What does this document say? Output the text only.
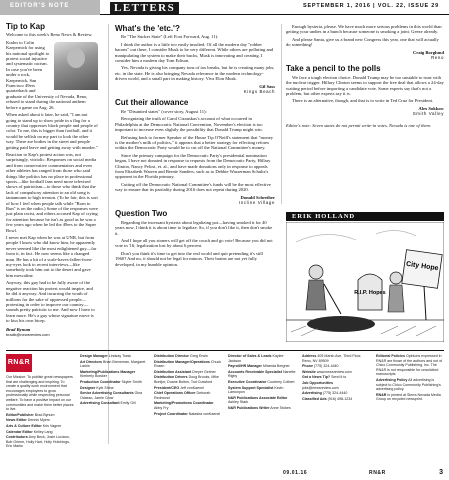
EDITOR'S NOTE	LETTERS	SEPTEMBER 1, 2016 | VOL. 22, ISSUE 29
Tip to Kap

Welcome to this week's Reno News & Review.

Kudos to Colin Kaepernick for using his national spotlight to protest social injustice and systematic racism. In case you've been under a rock, Kaepernick, San Francisco 49ers quarterback and graduate of the University of Nevada, Reno, refused to stand during the national anthem before a game on Aug. 26.

When asked about it later, he said, "I am not going to stand up to show pride in a flag for a country that oppresses black people and people of color. To me, this is bigger than football, and it would be selfish on my part to look the other way. There are bodies in the street and people getting paid leave and getting away with murder."

Reaction to Kap's protest action was, not surprisingly, vitriolic. Responses on social media and from conservative commentators and even other athletes has ranged from those who said things like politics has no place in professional sports—like football fans need more televised shows of patriotism—to those who think that the lack of compulsory attention to an old song is tantamount to high treason. (To be fair, this is sort of how I feel when people talk while "Born to Run" is on the radio.) Some of the responses were just plain racist, and others accused Kap of crying for attention because he isn't as good as he was a few years ago when he led the 49ers to the Super Bowl.

I never met Kap when he was at UNR, but from people I know who did know him, he apparently never seemed like the most enlightened guy—far from it, in fact. He now seems like a changed man. He has a bit of a scale-haves-fallen-from-my-eyes look to recent interviews—like somebody took him out to the desert and gave him mescaline.

Anyway, this guy had to be fully aware of the negative reaction his protest would inspire, and he did it anyway. And incurring the wrath of millions for the sake of oppressed people—protesting in order to improve our country—sounds pretty patriotic to me. And now I have to learn more. He's a guy whose signature move is to kiss his own bicep.

Brad Bynum
bradb@newsreview.com
What's the 'etc.'?

Re "The Sucker State" (Left Foot Forward, Aug. 11):

I think the author is a little too easily insulted. Of all the modern day "robber barons" out there, I consider Musk to be very different. While others are polluting and manipulating the system to make their bucks, Musk is innovating and creating. I consider him a modern day Tom Edison.

Yes, Nevada is giving his company tons of tax breaks, but he is creating many jobs, etc. in the state. He is also bringing Nevada relevance in the modern technology-driven world, and a small part in making history. Viva Elon Musk.

Gil Sass
Kings Beach
Cut their allowance

Re "Disunited states" (cover story, August 11):

Recognizing the truth of Carol Cizauskas's account of what occurred in Philadelphia at the Democratic National Convention, November's election is too important to increase even slightly the possibility that Donald Trump might win.

Refusing back to former Speaker of the House Tip O'Neill's statement that "money is the mother's milk of politics," it appears that a better strategy for effecting reform within the Democratic Party would be to cut off the National Committee's money.

Since the primary campaign for the Democratic Party's presidential nomination began, I have not donated in response to requests from the Democratic Party, Hillary Clinton, Nancy Pelosi, et. al., and have made donations only in response to appeals from Elizabeth Warren and Bernie Sanders, such as to Debbie Wasserman Schultz's opponent in the Florida primary.

Cutting off the Democratic National Committee's funds will be the most effective way to ensure that its partiality during 2016 does not repeat during 2020.

Donald Schreiber
Incline Village
Question Two

Regarding the incessant hysteria about legalizing pot—having smoked it for 40 years now, I think it is about time to legalize. So, if you don't like it, then don't smoke it.

And I hope all you stoners will get off the couch and go vote! Because you did not vote in '16, legalization lost by about 6 percent.

Don't you think it's time to get into the real world and quit pretending it's still 1960? And no, it should not be legal for minors. Their brains are not yet fully developed, in my humble opinion.

Enough hysteria, please. We have much more serious problems in this world than getting your undies in a bunch because someone is smoking a joint. Geeze already.

And please Santa, give us a brand new Congress this year, one that will actually do something!

Craig Borglund
Reno
Take a pencil to the polls

We face a tough election choice. Donald Trump may be too unstable to trust with the nuclear trigger. Hillary Clinton seems to support the free deal that allows a 24-day waiting period before importing a candidate vote. Some experts say that's not a problem, but other experts say it is.

There is an alternative, though, and that is to write in Ted Cruz for President.

Alex Sokkow
Smith Valley

Editor's note: Seven states do not permit write-in votes. Nevada is one of them.

ERIK HOLLAND
R.I.P. Hopes
City Hope
RN&R

Our Mission: To publish great newspapers that are challenging and inspiring. To create a quality work environment that encourages employees to grow professionally while respecting personal welfare. To have a positive impact on our communities and make them better places to live.

Editor/Publisher Brad Bynum

News Editor Dennis Myers

Arts & Culture Editor Kris Vagner

Calendar Editor Kelley Lang

Contributors Amy Beck, Josie Luciano, Bob Grimm, Holly Hart, Holly Hutchings, Eric Marks

Design Manager Lindsay Trask

Art Directors Brian Breneman, Margaret Larkin

Marketing/Publications Manager Kimberly Bowker

Production Coordinator Skyler Smith

Designer Kyle Shine

Senior Advertising Consultants Gina Odasso, Jamie Crow

Advertising Consultant Emily Gill

Distribution Director Greg Erwin

Distribution Manager/Operations Chuck Rosen

Distribution Assistant Dreyer Geitner

Distribution Drivers Doug Brooks, Mike Buntjer, Duane Bolton, Tod Crawford

President/CEO Jeff vonKaenel

Chief Operations Officer Deborah Redmond

Marketing/Promotions Coordinator Abby Fry

Project Coordinator Natasha vonKaenel

Director of Sales & Leads Kaylee Jackson

Payroll/HR Manager Miranda Bergner

Accounts Receivable Specialist Nanette Rigby

Executive Coordinator Courtney Colbert

System Support Specialist Kevin Lamunyon

N&R Publications Associate Editor Ashley Stark

N&R Publications Writer Anne Stokes

Address 405 Marsh Ave, Third Floor, Reno, NV 89509

Phone (775) 324-4440

Website www.newsreview.com

Got a News Tip? Send it to

Job Opportunities jobs@newsreview.com

Advertising (775) 324-4440

Classified Ads (916) 498-1234

Editorial Policies Opinions expressed in RN&R are those of the authors and not of Chico Community Publishing, Inc. The RN&R is not responsible for unsolicited manuscripts.

Advertising Policy All advertising is subject to Chico Community Publishing's advertising policy.

RN&R is printed at Sierra Nevada Media Group on recycled newsprint.

09.01.16	RN&R	3
